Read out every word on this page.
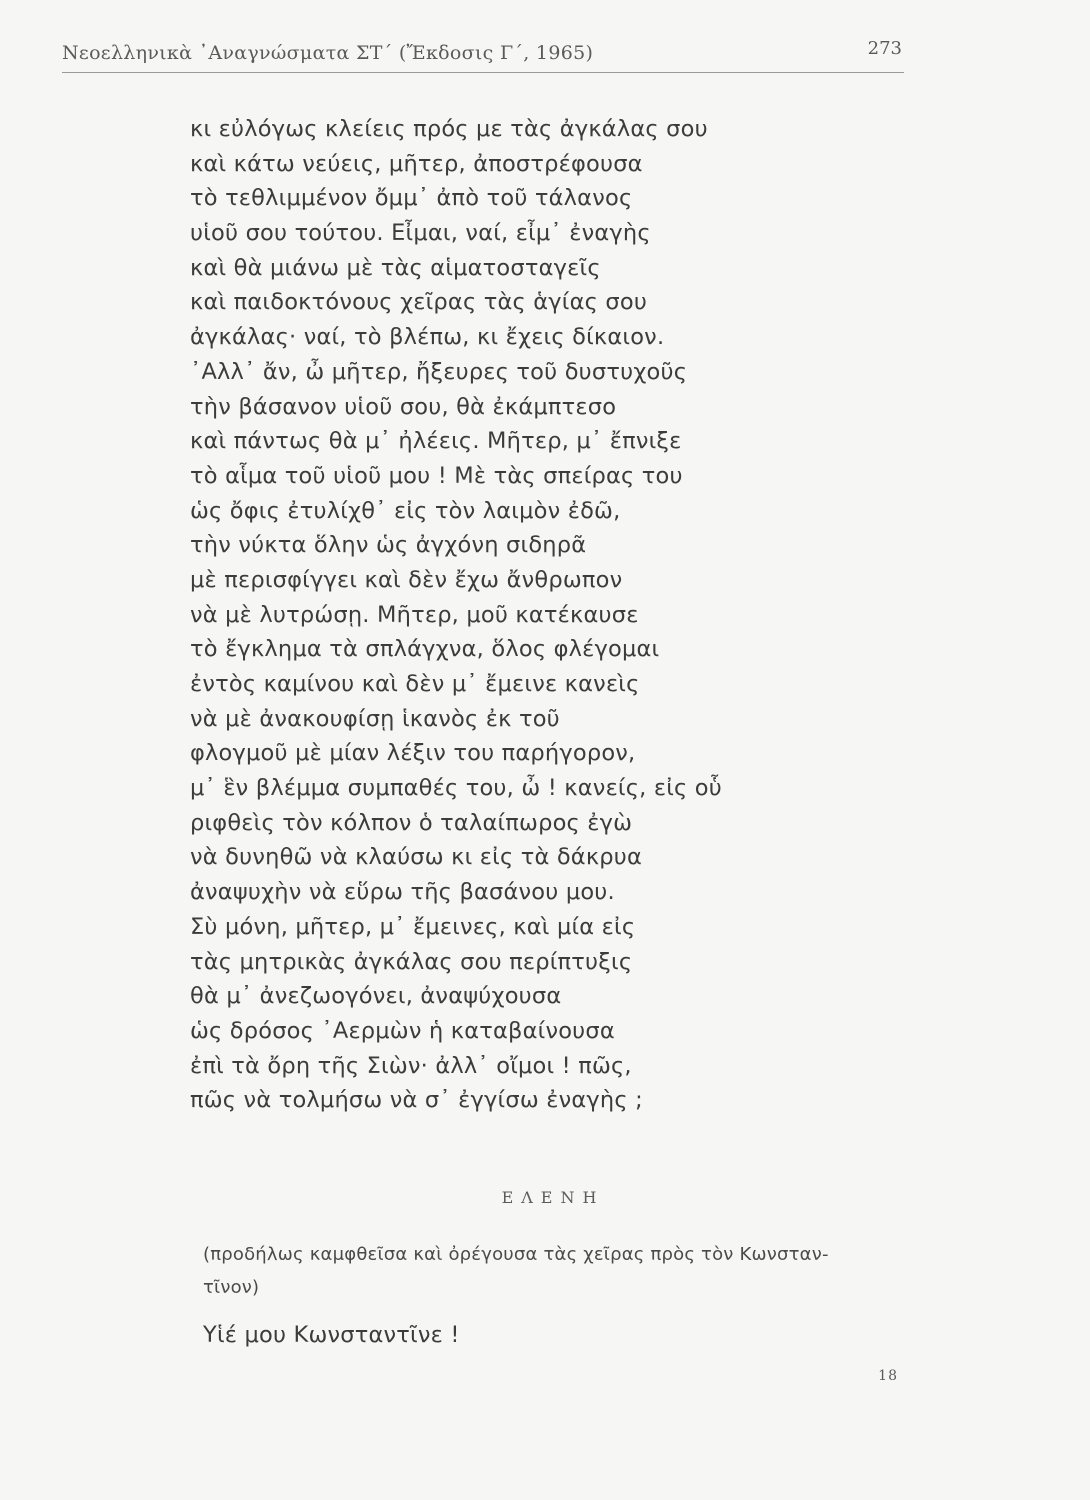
Νεοελληνικὰ ᾿Αναγνώσματα ΣΤ΄ (Ἔκδοσις Γ΄, 1965)	273
κι εὐλόγως κλείεις πρός με τὰς ἀγκάλας σου
καὶ κάτω νεύεις, μῆτερ, ἀποστρέφουσα
τὸ τεθλιμμένον ὄμμ᾿ ἀπὸ τοῦ τάλανος
υἱοῦ σου τούτου. Εἶμαι, ναί, εἶμ᾿ ἐναγὴς
καὶ θὰ μιάνω μὲ τὰς αἱματοσταγεῖς
καὶ παιδοκτόνους χεῖρας τὰς ἁγίας σου
ἀγκάλας· ναί, τὸ βλέπω, κι ἔχεις δίκαιον.
᾿Αλλ᾿ ἄν, ὦ μῆτερ, ἤξευρες τοῦ δυστυχοῦς
τὴν βάσανον υἱοῦ σου, θὰ ἐκάμπτεσο
καὶ πάντως θὰ μ᾿ ἠλέεις. Μῆτερ, μ᾿ ἔπνιξε
τὸ αἷμα τοῦ υἱοῦ μου ! Μὲ τὰς σπείρας του
ὡς ὄφις ἐτυλίχθ᾿ εἰς τὸν λαιμὸν ἐδῶ,
τὴν νύκτα ὅλην ὡς ἀγχόνη σιδηρᾶ
μὲ περισφίγγει καὶ δὲν ἔχω ἄνθρωπον
νὰ μὲ λυτρώσῃ. Μῆτερ, μοῦ κατέκαυσε
τὸ ἔγκλημα τὰ σπλάγχνα, ὅλος φλέγομαι
ἐντὸς καμίνου καὶ δὲν μ᾿ ἔμεινε κανεὶς
νὰ μὲ ἀνακουφίσῃ ἱκανὸς ἐκ τοῦ
φλογμοῦ μὲ μίαν λέξιν του παρήγορον,
μ᾿ ἓν βλέμμα συμπαθές του, ὦ ! κανείς, εἰς οὗ
ριφθεὶς τὸν κόλπον ὁ ταλαίπωρος ἐγὼ
νὰ δυνηθῶ νὰ κλαύσω κι εἰς τὰ δάκρυα
ἀναψυχὴν νὰ εὕρω τῆς βασάνου μου.
Σὺ μόνη, μῆτερ, μ᾿ ἔμεινες, καὶ μία εἰς
τὰς μητρικὰς ἀγκάλας σου περίπτυξις
θὰ μ᾿ ἀνεζωογόνει, ἀναψύχουσα
ὡς δρόσος ᾿Αερμὼν ἡ καταβαίνουσα
ἐπὶ τὰ ὄρη τῆς Σιὼν· ἀλλ᾿ οἴμοι ! πῶς,
πῶς νὰ τολμήσω νὰ σ᾿ ἐγγίσω ἐναγὴς ;
ΕΛΕΝΗ
(προδήλως καμφθεῖσα καὶ ὀρέγουσα τὰς χεῖρας πρὸς τὸν Κωνσταν-
τῖνον)
Υἱέ μου Κωνσταντῖνε !
18
